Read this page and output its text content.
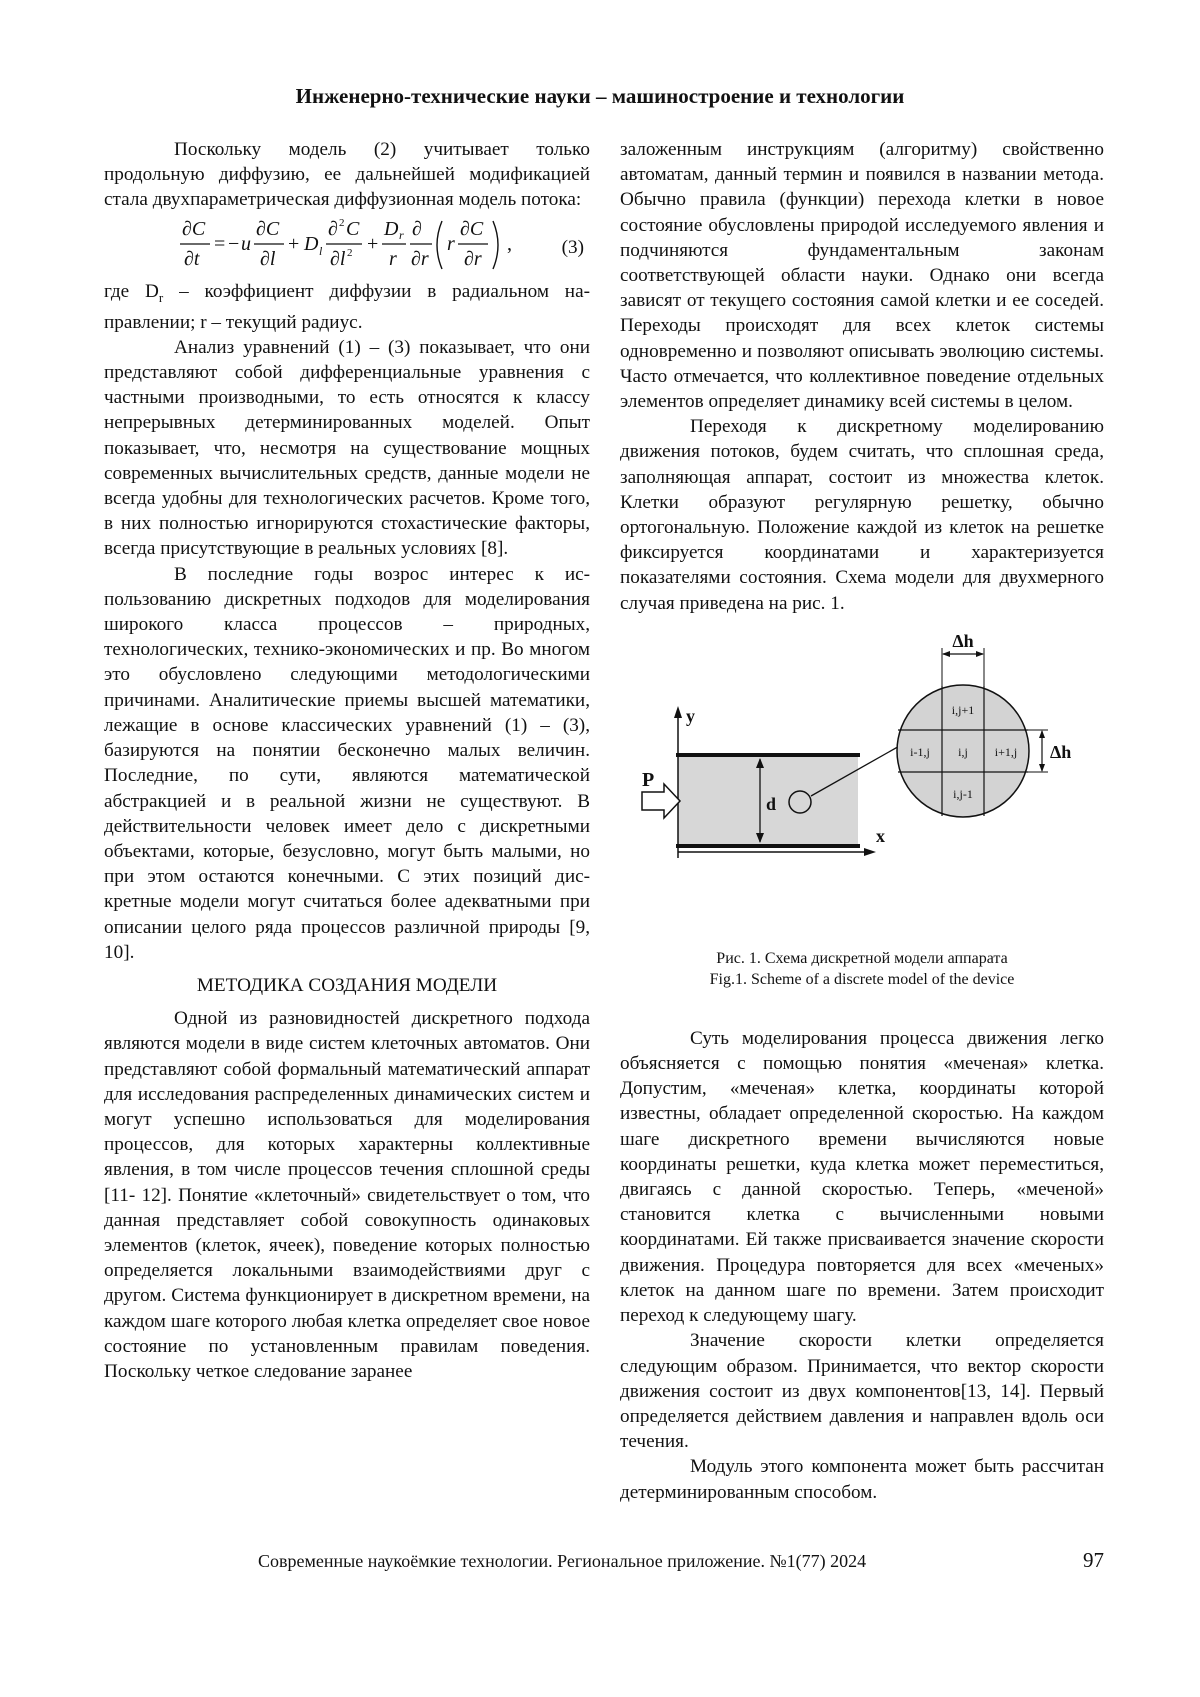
Инженерно-технические науки – машиностроение и технологии

Поскольку модель (2) учитывает только продольную диффузию, ее дальнейшей модификацией стала двухпараметрическая диффузионная модель потока:

∂C
∂t
= − u
∂C
∂l
+ D l
∂ 2 C
∂l 2 +
D r
r
∂
∂r
r
∂C
∂r
,	(3)

где $D_r$ – коэффициент диффузии в радиальном направлении; r – текущий радиус.

Анализ уравнений (1) – (3) показывает, что они представляют собой дифференциальные уравнения с частными производными, то есть относятся к классу непрерывных детерминированных моделей. Опыт показывает, что, несмотря на существование мощных современных вычислительных средств, данные модели не всегда удобны для технологических расчетов. Кроме того, в них полностью игнорируются стохастические факторы, всегда присутствующие в реальных условиях [8].

В последние годы возрос интерес к использованию дискретных подходов для моделирования широкого класса процессов – природных, технологических, технико-экономических и пр. Во многом это обусловлено следующими методологическими причинами. Аналитические приемы высшей математики, лежащие в основе классических уравнений (1) – (3), базируются на понятии бесконечно малых величин. Последние, по сути, являются математической абстракцией и в реальной жизни не существуют. В действительности человек имеет дело с дискретными объектами, которые, безусловно, могут быть малыми, но при этом остаются конечными. С этих позиций дискретные модели могут считаться более адекватными при описании целого ряда процессов различной природы [9, 10].

МЕТОДИКА СОЗДАНИЯ МОДЕЛИ

Одной из разновидностей дискретного подхода являются модели в виде систем клеточных автоматов. Они представляют собой формальный математический аппарат для исследования распределенных динамических систем и могут успешно использоваться для моделирования процессов, для которых характерны коллективные явления, в том числе процессов течения сплошной среды [11- 12]. Понятие «клеточный» свидетельствует о том, что данная представляет собой совокупность одинаковых элементов (клеток, ячеек), поведение которых полностью определяется локальными взаимодействиями друг с другом. Система функционирует в дискретном времени, на каждом шаге которого любая клетка определяет свое новое состояние по установленным правилам поведения. Поскольку четкое следование заранее

заложенным инструкциям (алгоритму) свойственно автоматам, данный термин и появился в названии метода. Обычно правила (функции) перехода клетки в новое состояние обусловлены природой исследуемого явления и подчиняются фундаментальным законам соответствующей области науки. Однако они всегда зависят от текущего состояния самой клетки и ее соседей. Переходы происходят для всех клеток системы одновременно и позволяют описывать эволюцию системы. Часто отмечается, что коллективное поведение отдельных элементов определяет динамику всей системы в целом.

Переходя к дискретному моделированию движения потоков, будем считать, что сплошная среда, заполняющая аппарат, состоит из множества клеток. Клетки образуют регулярную решетку, обычно ортогональную. Положение каждой из клеток на решетке фиксируется координатами и характеризуется показателями состояния. Схема модели для двухмерного случая приведена на рис. 1.

y
x
P
d
i,j+1
i-1,j i,j i+1,j
i,j-1
Δh
Δh
Рис. 1. Схема дискретной модели аппарата
Fig.1. Scheme of a discrete model of the device

Суть моделирования процесса движения легко объясняется с помощью понятия «меченая» клетка. Допустим, «меченая» клетка, координаты которой известны, обладает определенной скоростью. На каждом шаге дискретного времени вычисляются новые координаты решетки, куда клетка может переместиться, двигаясь с данной скоростью. Теперь, «меченой» становится клетка с вычисленными новыми координатами. Ей также присваивается значение скорости движения. Процедура повторяется для всех «меченых» клеток на данном шаге по времени. Затем происходит переход к следующему шагу.

Значение скорости клетки определяется следующим образом. Принимается, что вектор скорости движения состоит из двух компонентов[13, 14]. Первый определяется действием давления и направлен вдоль оси течения.

Модуль этого компонента может быть рассчитан детерминированным способом.

Современные наукоёмкие технологии. Региональное приложение. №1(77) 2024	97
